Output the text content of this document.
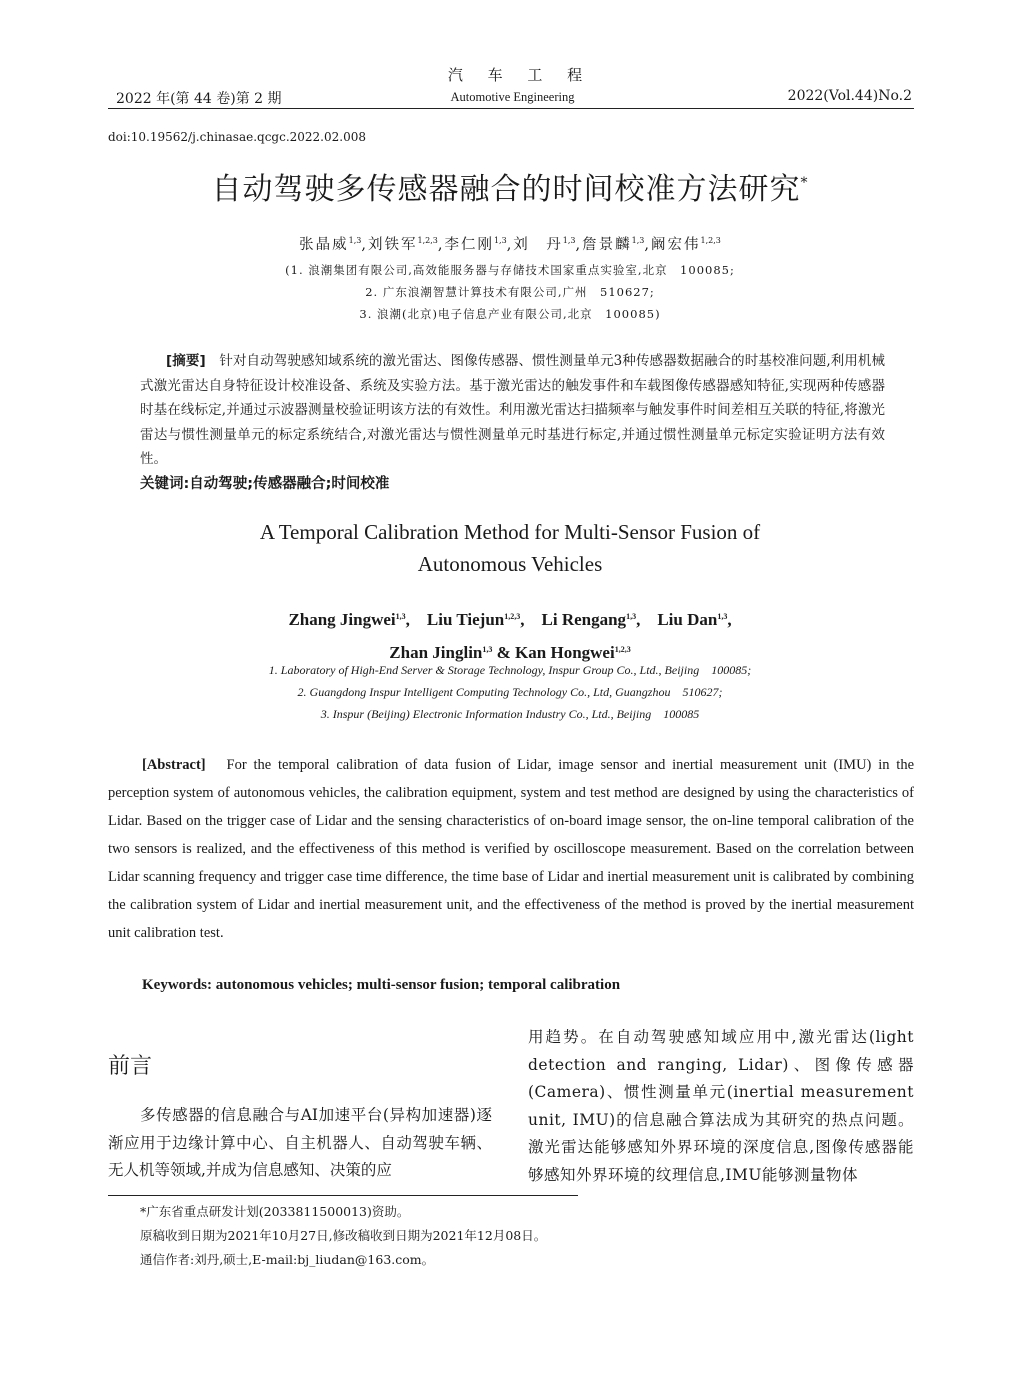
汽 车 工 程
2022 年(第 44 卷)第 2 期	Automotive Engineering	2022(Vol.44)No.2
doi:10.19562/j.chinasae.qcgc.2022.02.008
自动驾驶多传感器融合的时间校准方法研究*
张晶威$^{1,3}$,刘铁军$^{1,2,3}$,李仁刚$^{1,3}$,刘　丹$^{1,3}$,詹景麟$^{1,3}$,阚宏伟$^{1,2,3}$
(1. 浪潮集团有限公司,高效能服务器与存储技术国家重点实验室,北京　100085;
2. 广东浪潮智慧计算技术有限公司,广州　510627;
3. 浪潮(北京)电子信息产业有限公司,北京　100085)
[摘要]　 针对自动驾驶感知域系统的激光雷达、图像传感器、惯性测量单元3种传感器数据融合的时基校准问题,利用机械式激光雷达自身特征设计校准设备、系统及实验方法。基于激光雷达的触发事件和车载图像传感器感知特征,实现两种传感器时基在线标定,并通过示波器测量校验证明该方法的有效性。利用激光雷达扫描频率与触发事件时间差相互关联的特征,将激光雷达与惯性测量单元的标定系统结合,对激光雷达与惯性测量单元时基进行标定,并通过惯性测量单元标定实验证明方法有效性。
关键词:自动驾驶;传感器融合;时间校准
A Temporal Calibration Method for Multi-Sensor Fusion of
Autonomous Vehicles
Zhang Jingwei$^{1,3}$,　Liu Tiejun$^{1,2,3}$,　Li Rengang$^{1,3}$,　Liu Dan$^{1,3}$,
Zhan Jinglin$^{1,3}$ & Kan Hongwei$^{1,2,3}$
1. Laboratory of High-End Server & Storage Technology, Inspur Group Co., Ltd., Beijing　100085;
2. Guangdong Inspur Intelligent Computing Technology Co., Ltd, Guangzhou　510627;
3. Inspur (Beijing) Electronic Information Industry Co., Ltd., Beijing　100085
[Abstract]　 For the temporal calibration of data fusion of Lidar, image sensor and inertial measurement unit (IMU) in the perception system of autonomous vehicles, the calibration equipment, system and test method are designed by using the characteristics of Lidar. Based on the trigger case of Lidar and the sensing characteristics of on-board image sensor, the on-line temporal calibration of the two sensors is realized, and the effectiveness of this method is verified by oscilloscope measurement. Based on the correlation between Lidar scanning frequency and trigger case time difference, the time base of Lidar and inertial measurement unit is calibrated by combining the calibration system of Lidar and inertial measurement unit, and the effectiveness of the method is proved by the inertial measurement unit calibration test.
Keywords: autonomous vehicles; multi-sensor fusion; temporal calibration
前言
多传感器的信息融合与AI加速平台(异构加速器)逐渐应用于边缘计算中心、自主机器人、自动驾驶车辆、无人机等领域,并成为信息感知、决策的应
用趋势。在自动驾驶感知域应用中,激光雷达(light detection and ranging, Lidar)、图像传感器(Camera)、惯性测量单元(inertial measurement unit, IMU)的信息融合算法成为其研究的热点问题。激光雷达能够感知外界环境的深度信息,图像传感器能够感知外界环境的纹理信息,IMU能够测量物体
*广东省重点研发计划(2033811500013)资助。
原稿收到日期为2021年10月27日,修改稿收到日期为2021年12月08日。
通信作者:刘丹,硕士,E-mail:bj_liudan@163.com。
